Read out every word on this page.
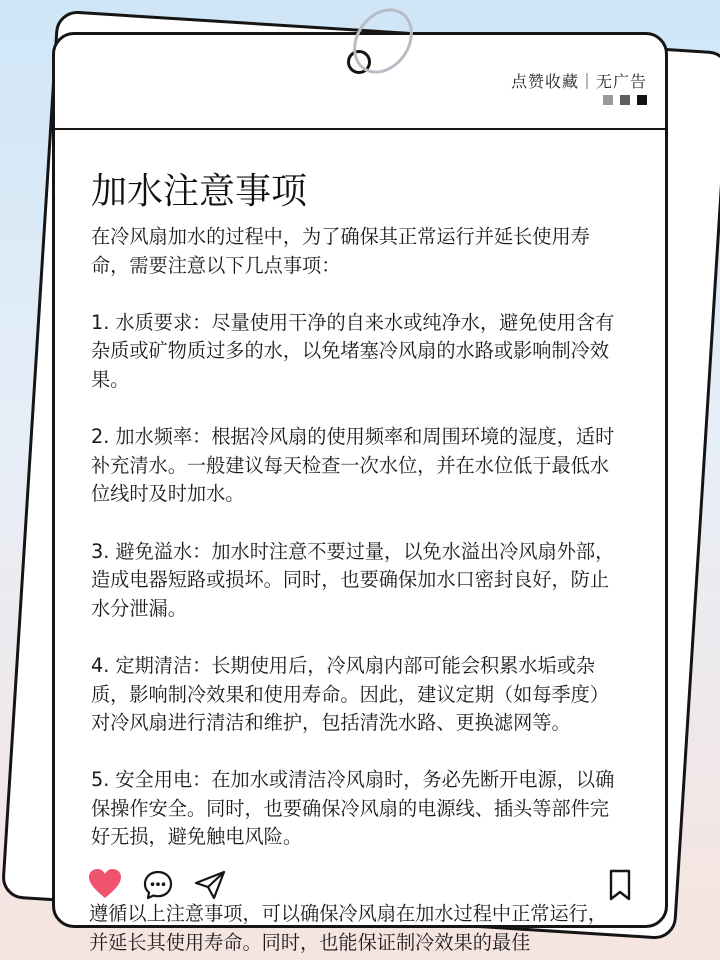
点赞收藏｜无广告
加水注意事项

在冷风扇加水的过程中，为了确保其正常运行并延长使用寿命，需要注意以下几点事项：

1. 水质要求：尽量使用干净的自来水或纯净水，避免使用含有杂质或矿物质过多的水，以免堵塞冷风扇的水路或影响制冷效果。

2. 加水频率：根据冷风扇的使用频率和周围环境的湿度，适时补充清水。一般建议每天检查一次水位，并在水位低于最低水位线时及时加水。

3. 避免溢水：加水时注意不要过量，以免水溢出冷风扇外部，造成电器短路或损坏。同时，也要确保加水口密封良好，防止水分泄漏。

4. 定期清洁：长期使用后，冷风扇内部可能会积累水垢或杂质，影响制冷效果和使用寿命。因此，建议定期（如每季度）对冷风扇进行清洁和维护，包括清洗水路、更换滤网等。

5. 安全用电：在加水或清洁冷风扇时，务必先断开电源，以确保操作安全。同时，也要确保冷风扇的电源线、插头等部件完好无损，避免触电风险。

遵循以上注意事项，可以确保冷风扇在加水过程中正常运行，并延长其使用寿命。同时，也能保证制冷效果的最佳
